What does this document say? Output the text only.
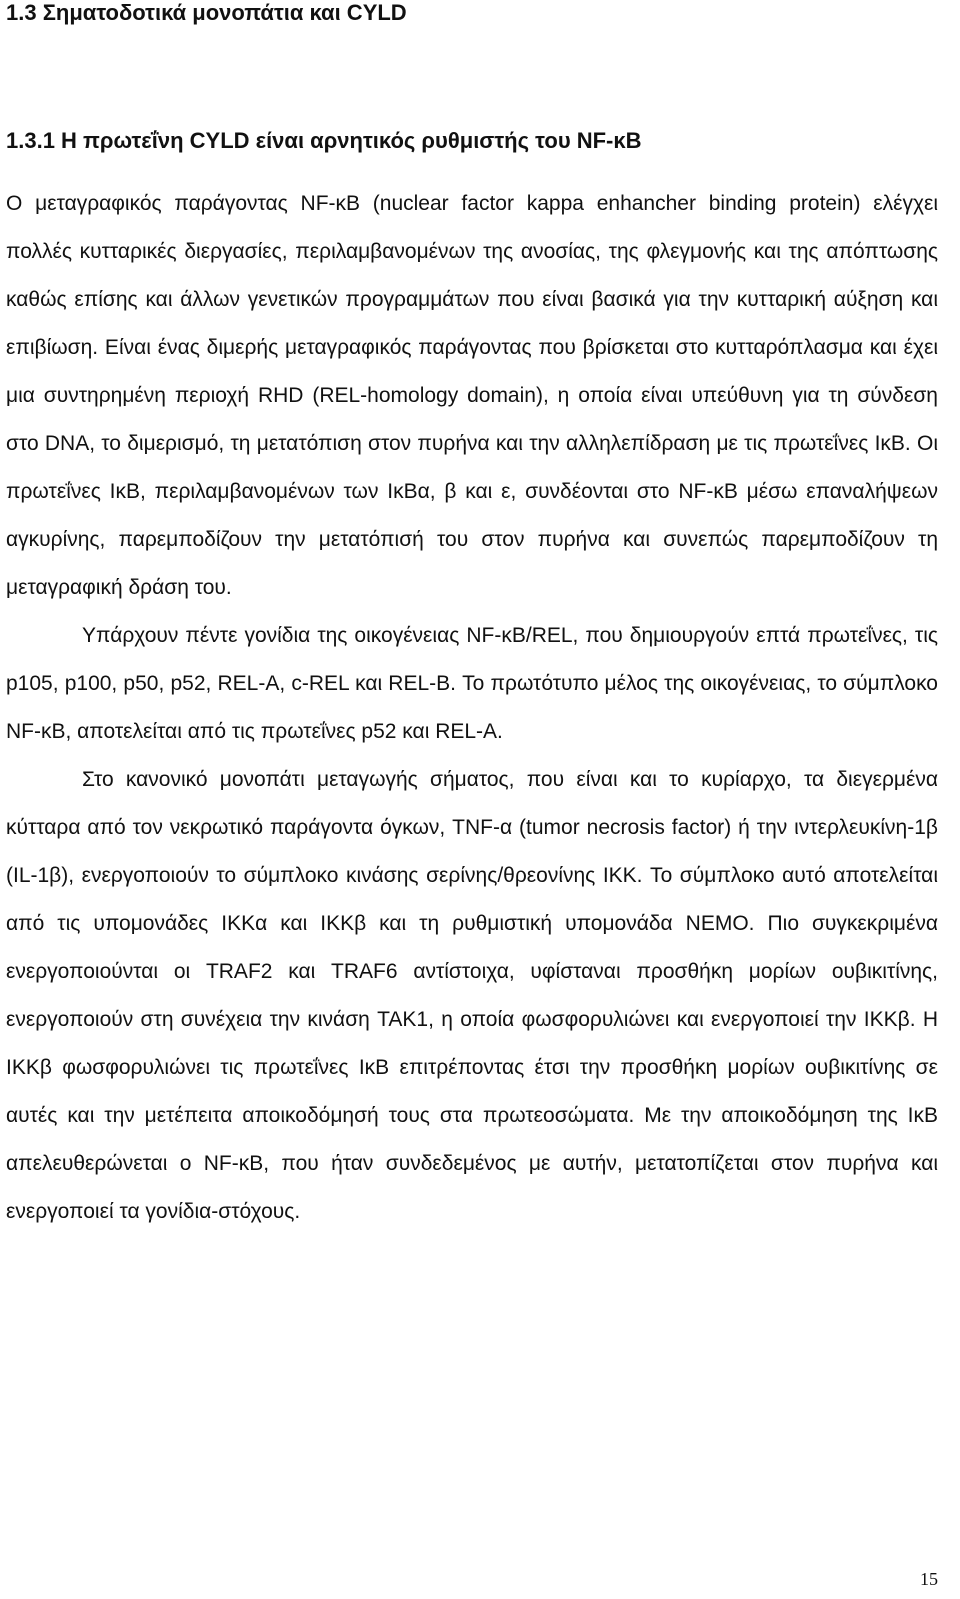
1.3 Σηματοδοτικά μονοπάτια και CYLD
1.3.1 Η πρωτεΐνη CYLD είναι αρνητικός ρυθμιστής του NF-κB

Ο μεταγραφικός παράγοντας NF-κB (nuclear factor kappa enhancher binding protein) ελέγχει πολλές κυτταρικές διεργασίες, περιλαμβανομένων της ανοσίας, της φλεγμονής και της απόπτωσης καθώς επίσης και άλλων γενετικών προγραμμάτων που είναι βασικά για την κυτταρική αύξηση και επιβίωση. Είναι ένας διμερής μεταγραφικός παράγοντας που βρίσκεται στο κυτταρόπλασμα και έχει μια συντηρημένη περιοχή RHD (REL-homology domain), η οποία είναι υπεύθυνη για τη σύνδεση στο DNA, το διμερισμό, τη μετατόπιση στον πυρήνα και την αλληλεπίδραση με τις πρωτεΐνες IκB. Οι πρωτεΐνες IκB, περιλαμβανομένων των IκBα, β και ε, συνδέονται στο NF-κB μέσω επαναλήψεων αγκυρίνης, παρεμποδίζουν την μετατόπισή του στον πυρήνα και συνεπώς παρεμποδίζουν τη μεταγραφική δράση του.

Υπάρχουν πέντε γονίδια της οικογένειας NF-κB/REL, που δημιουργούν επτά πρωτεΐνες, τις p105, p100, p50, p52, REL-A, c-REL και REL-B. Το πρωτότυπο μέλος της οικογένειας, το σύμπλοκο NF-κB, αποτελείται από τις πρωτεΐνες p52 και REL-A.

Στο κανονικό μονοπάτι μεταγωγής σήματος, που είναι και το κυρίαρχο, τα διεγερμένα κύτταρα από τον νεκρωτικό παράγοντα όγκων, TNF-α (tumor necrosis factor) ή την ιντερλευκίνη-1β (IL-1β), ενεργοποιούν το σύμπλοκο κινάσης σερίνης/θρεονίνης IKK. Το σύμπλοκο αυτό αποτελείται από τις υπομονάδες IKKα και IKKβ και τη ρυθμιστική υπομονάδα NEMO. Πιο συγκεκριμένα ενεργοποιούνται οι TRAF2 και TRAF6 αντίστοιχα, υφίσταναι προσθήκη μορίων ουβικιτίνης, ενεργοποιούν στη συνέχεια την κινάση TAK1, η οποία φωσφορυλιώνει και ενεργοποιεί την IKKβ. Η IKKβ φωσφορυλιώνει τις πρωτεΐνες IκB επιτρέποντας έτσι την προσθήκη μορίων ουβικιτίνης σε αυτές και την μετέπειτα αποικοδόμησή τους στα πρωτεοσώματα. Με την αποικοδόμηση της IκB απελευθερώνεται ο NF-κB, που ήταν συνδεδεμένος με αυτήν, μετατοπίζεται στον πυρήνα και ενεργοποιεί τα γονίδια-στόχους.

15
